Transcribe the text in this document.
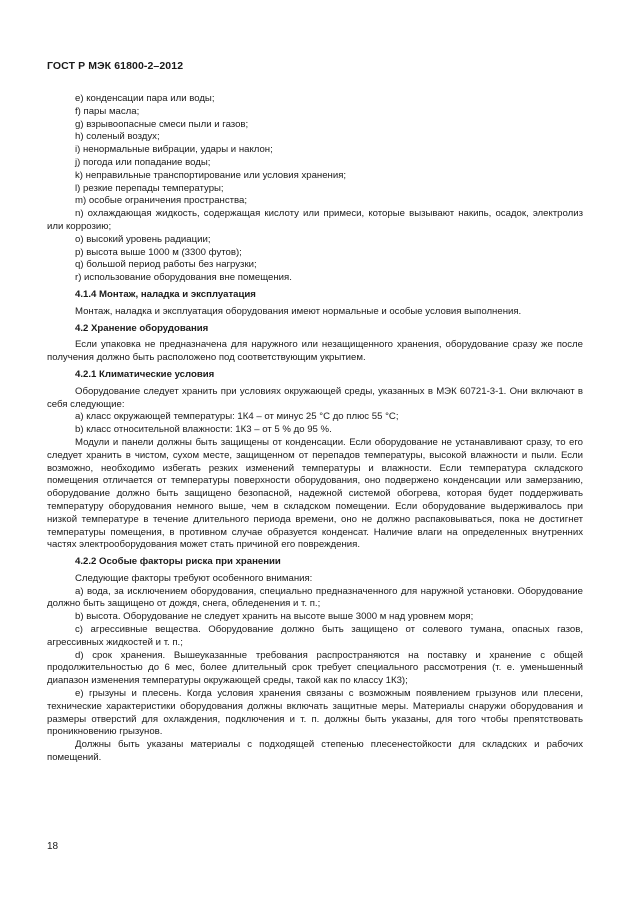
ГОСТ Р МЭК 61800-2–2012

е) конденсации пара или воды;

f) пары масла;

g) взрывоопасные смеси пыли и газов;

h) соленый воздух;

i) ненормальные вибрации, удары и наклон;

j) погода или попадание воды;

k) неправильные транспортирование или условия хранения;

l) резкие перепады температуры;

m) особые ограничения пространства;

n) охлаждающая жидкость, содержащая кислоту или примеси, которые вызывают накипь, осадок, электролиз или коррозию;

o) высокий уровень радиации;

p) высота выше 1000 м (3300 футов);

q) большой период работы без нагрузки;

r) использование оборудования вне помещения.

4.1.4 Монтаж, наладка и эксплуатация

Монтаж, наладка и эксплуатация оборудования имеют нормальные и особые условия выполнения.

4.2 Хранение оборудования

Если упаковка не предназначена для наружного или незащищенного хранения, оборудование сразу же после получения должно быть расположено под соответствующим укрытием.

4.2.1 Климатические условия

Оборудование следует хранить при условиях окружающей среды, указанных в МЭК 60721-3-1. Они включают в себя следующие:

а) класс окружающей температуры: 1К4 – от минус 25 °С до плюс 55 °С;

b) класс относительной влажности: 1К3 – от 5 % до 95 %.

Модули и панели должны быть защищены от конденсации. Если оборудование не устанавливают сразу, то его следует хранить в чистом, сухом месте, защищенном от перепадов температуры, высокой влажности и пыли. Если возможно, необходимо избегать резких изменений температуры и влажности. Если температура складского помещения отличается от температуры поверхности оборудования, оно подвержено конденсации или замерзанию, оборудование должно быть защищено безопасной, надежной системой обогрева, которая будет поддерживать температуру оборудования немного выше, чем в складском помещении. Если оборудование выдерживалось при низкой температуре в течение длительного периода времени, оно не должно распаковываться, пока не достигнет температуры помещения, в противном случае образуется конденсат. Наличие влаги на определенных внутренних частях электрооборудования может стать причиной его повреждения.

4.2.2 Особые факторы риска при хранении

Следующие факторы требуют особенного внимания:

а) вода, за исключением оборудования, специально предназначенного для наружной установки. Оборудование должно быть защищено от дождя, снега, обледенения и т. п.;

b) высота. Оборудование не следует хранить на высоте выше 3000 м над уровнем моря;

с) агрессивные вещества. Оборудование должно быть защищено от солевого тумана, опасных газов, агрессивных жидкостей и т. п.;

d) срок хранения. Вышеуказанные требования распространяются на поставку и хранение с общей продолжительностью до 6 мес, более длительный срок требует специального рассмотрения (т. е. уменьшенный диапазон изменения температуры окружающей среды, такой как по классу 1К3);

е) грызуны и плесень. Когда условия хранения связаны с возможным появлением грызунов или плесени, технические характеристики оборудования должны включать защитные меры. Материалы снаружи оборудования и размеры отверстий для охлаждения, подключения и т. п. должны быть указаны, для того чтобы препятствовать проникновению грызунов.

Должны быть указаны материалы с подходящей степенью плесенестойкости для складских и рабочих помещений.

18
